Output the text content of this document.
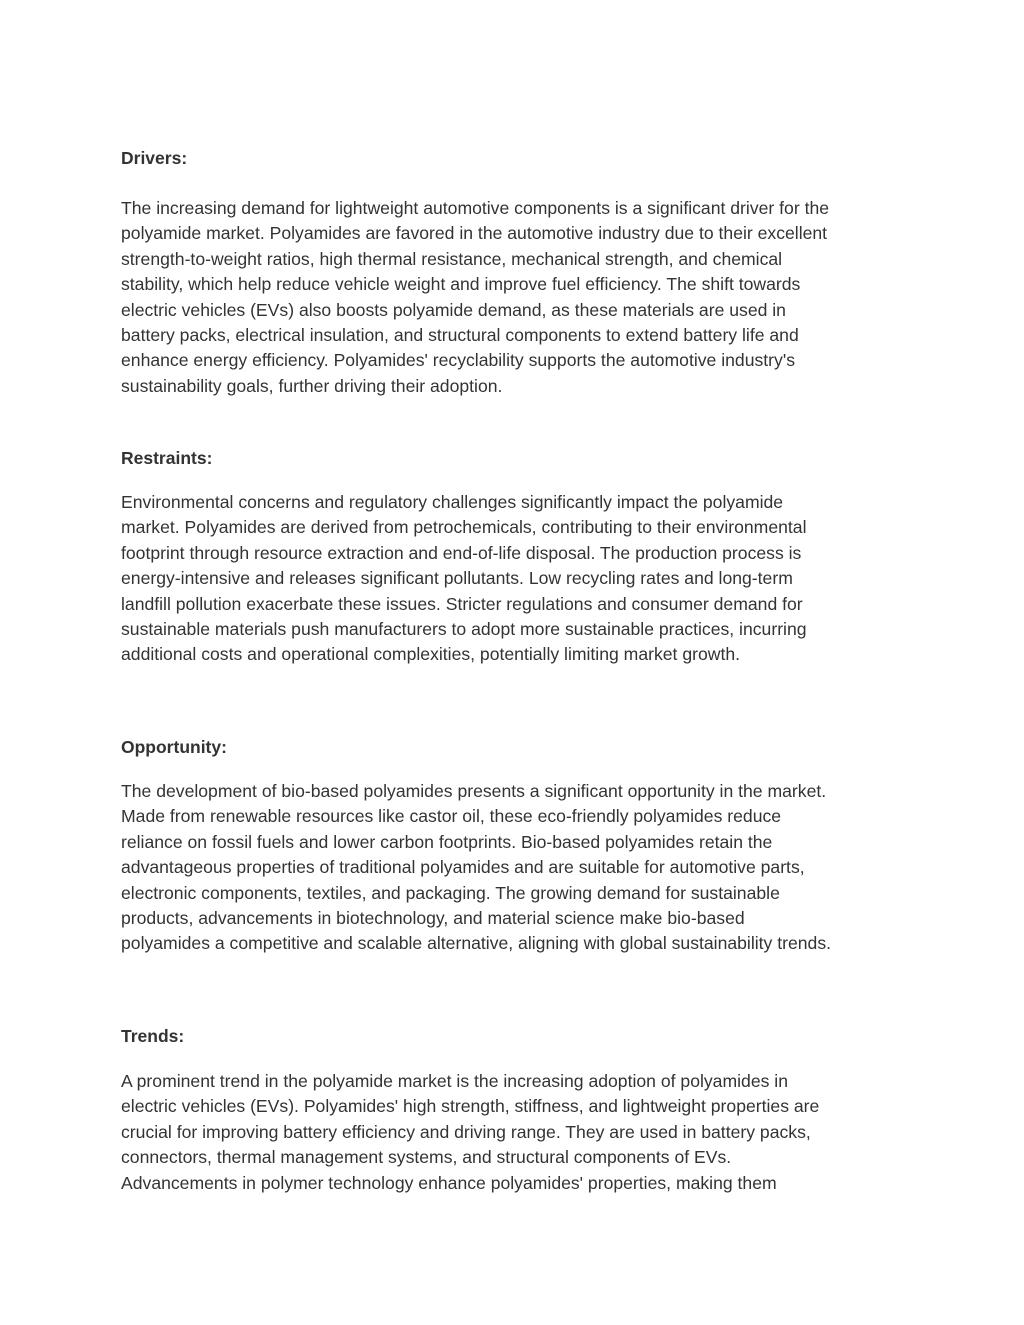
Drivers:
The increasing demand for lightweight automotive components is a significant driver for the
polyamide market. Polyamides are favored in the automotive industry due to their excellent
strength-to-weight ratios, high thermal resistance, mechanical strength, and chemical
stability, which help reduce vehicle weight and improve fuel efficiency. The shift towards
electric vehicles (EVs) also boosts polyamide demand, as these materials are used in
battery packs, electrical insulation, and structural components to extend battery life and
enhance energy efficiency. Polyamides' recyclability supports the automotive industry's
sustainability goals, further driving their adoption.
Restraints:
Environmental concerns and regulatory challenges significantly impact the polyamide
market. Polyamides are derived from petrochemicals, contributing to their environmental
footprint through resource extraction and end-of-life disposal. The production process is
energy-intensive and releases significant pollutants. Low recycling rates and long-term
landfill pollution exacerbate these issues. Stricter regulations and consumer demand for
sustainable materials push manufacturers to adopt more sustainable practices, incurring
additional costs and operational complexities, potentially limiting market growth.
Opportunity:
The development of bio-based polyamides presents a significant opportunity in the market.
Made from renewable resources like castor oil, these eco-friendly polyamides reduce
reliance on fossil fuels and lower carbon footprints. Bio-based polyamides retain the
advantageous properties of traditional polyamides and are suitable for automotive parts,
electronic components, textiles, and packaging. The growing demand for sustainable
products, advancements in biotechnology, and material science make bio-based
polyamides a competitive and scalable alternative, aligning with global sustainability trends.
Trends:
A prominent trend in the polyamide market is the increasing adoption of polyamides in
electric vehicles (EVs). Polyamides' high strength, stiffness, and lightweight properties are
crucial for improving battery efficiency and driving range. They are used in battery packs,
connectors, thermal management systems, and structural components of EVs.
Advancements in polymer technology enhance polyamides' properties, making them
